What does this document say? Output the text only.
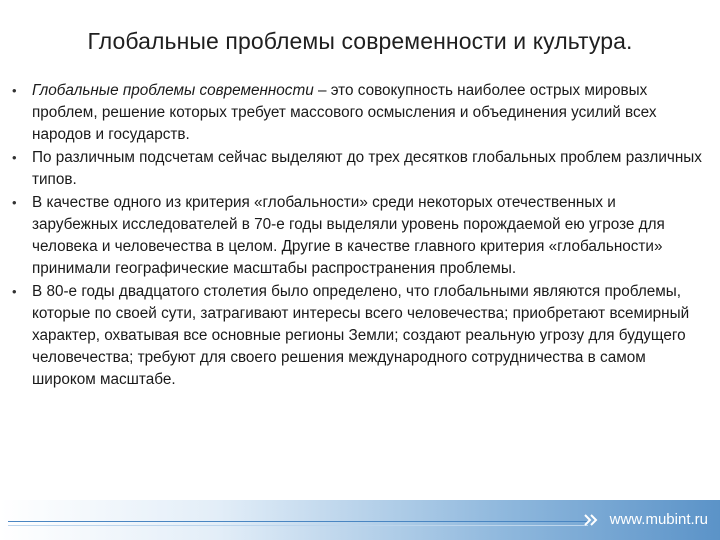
Глобальные проблемы современности и культура.
•	Глобальные проблемы современности – это совокупность наиболее острых мировых проблем, решение которых требует массового осмысления и объединения усилий всех народов и государств.
•	По различным подсчетам сейчас выделяют до трех десятков глобальных проблем различных типов.
•	В качестве одного из критерия «глобальности» среди некоторых отечественных и зарубежных исследователей в 70-е годы выделяли уровень порождаемой ею угрозе для человека и человечества в целом. Другие в качестве главного критерия «глобальности» принимали географические масштабы распространения проблемы.
•	В 80-е годы двадцатого столетия было определено, что глобальными являются проблемы, которые по своей сути, затрагивают интересы всего человечества; приобретают всемирный характер, охватывая все основные регионы Земли; создают реальную угрозу для будущего человечества; требуют для своего решения международного сотрудничества в самом широком масштабе.
www.mubint.ru
